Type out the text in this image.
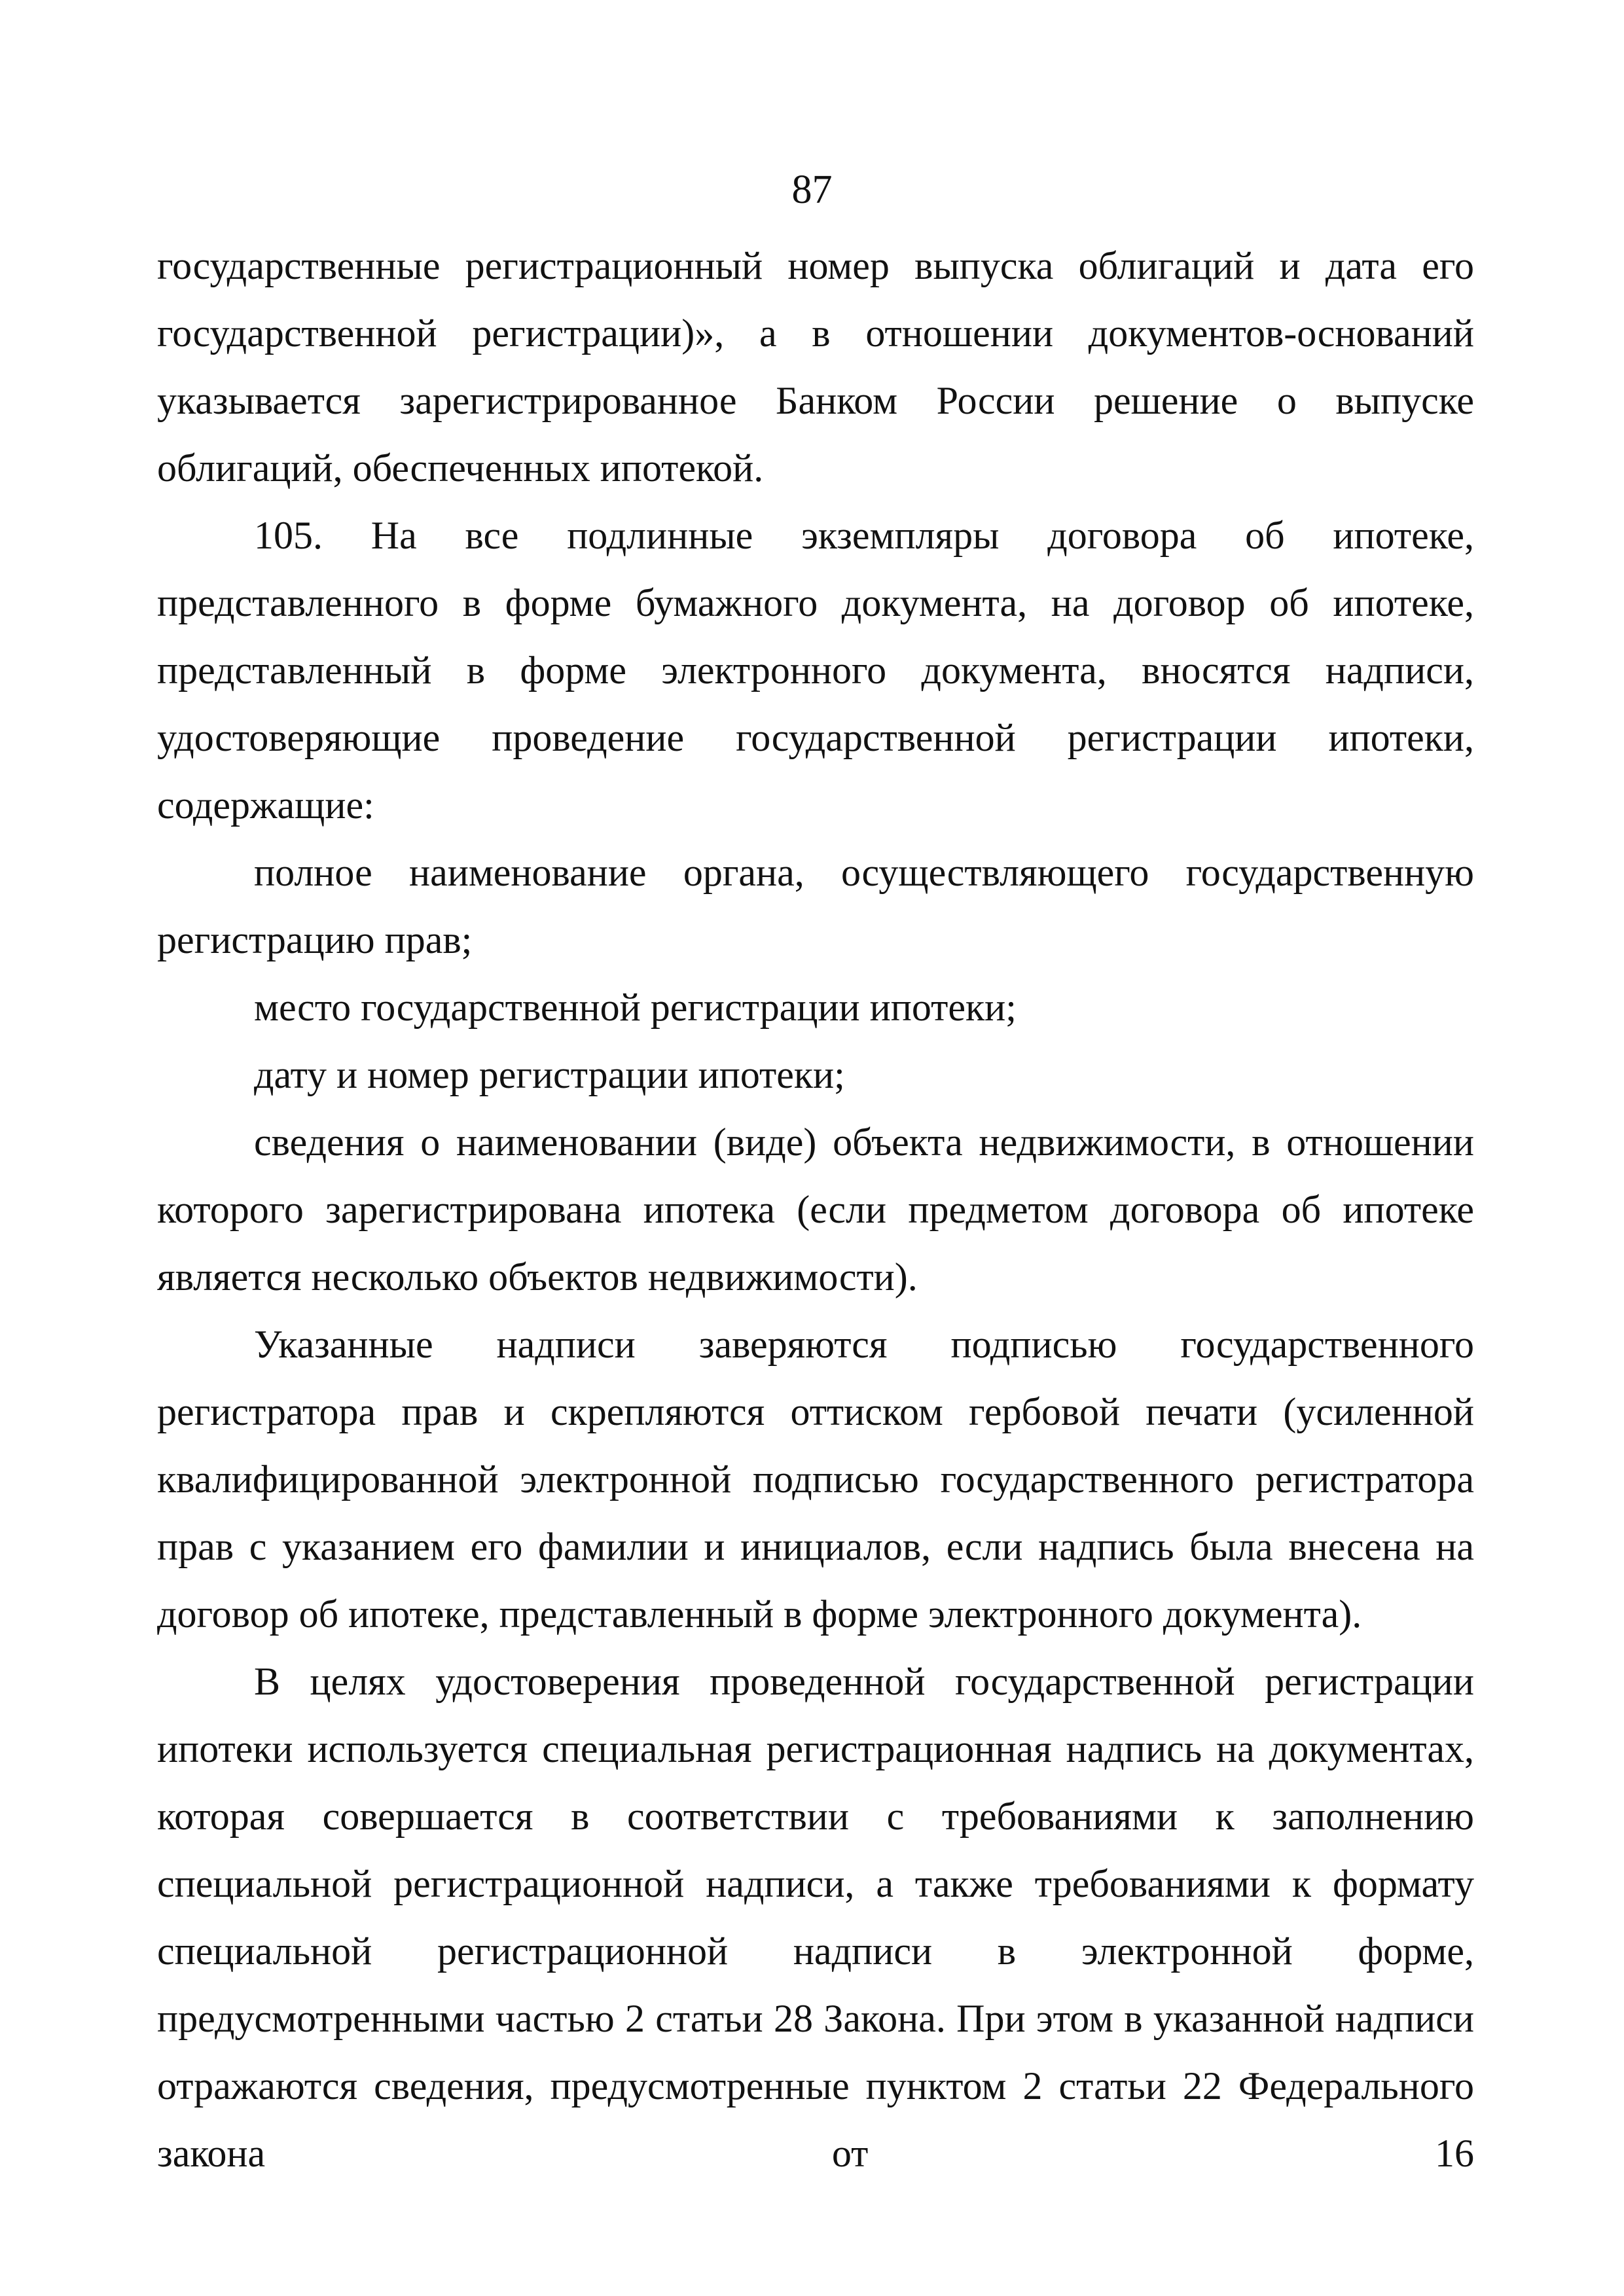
87

государственные регистрационный номер выпуска облигаций и дата его государственной регистрации)», а в отношении документов-оснований указывается зарегистрированное Банком России решение о выпуске облигаций, обеспеченных ипотекой.

105. На все подлинные экземпляры договора об ипотеке, представленного в форме бумажного документа, на договор об ипотеке, представленный в форме электронного документа, вносятся надписи, удостоверяющие проведение государственной регистрации ипотеки, содержащие:

полное наименование органа, осуществляющего государственную регистрацию прав;

место государственной регистрации ипотеки;

дату и номер регистрации ипотеки;

сведения о наименовании (виде) объекта недвижимости, в отношении которого зарегистрирована ипотека (если предметом договора об ипотеке является несколько объектов недвижимости).

Указанные надписи заверяются подписью государственного регистратора прав и скрепляются оттиском гербовой печати (усиленной квалифицированной электронной подписью государственного регистратора прав с указанием его фамилии и инициалов, если надпись была внесена на договор об ипотеке, представленный в форме электронного документа).

В целях удостоверения проведенной государственной регистрации ипотеки используется специальная регистрационная надпись на документах, которая совершается в соответствии с требованиями к заполнению специальной регистрационной надписи, а также требованиями к формату специальной регистрационной надписи в электронной форме, предусмотренными частью 2 статьи 28 Закона. При этом в указанной надписи отражаются сведения, предусмотренные пунктом 2 статьи 22 Федерального закона от 16
